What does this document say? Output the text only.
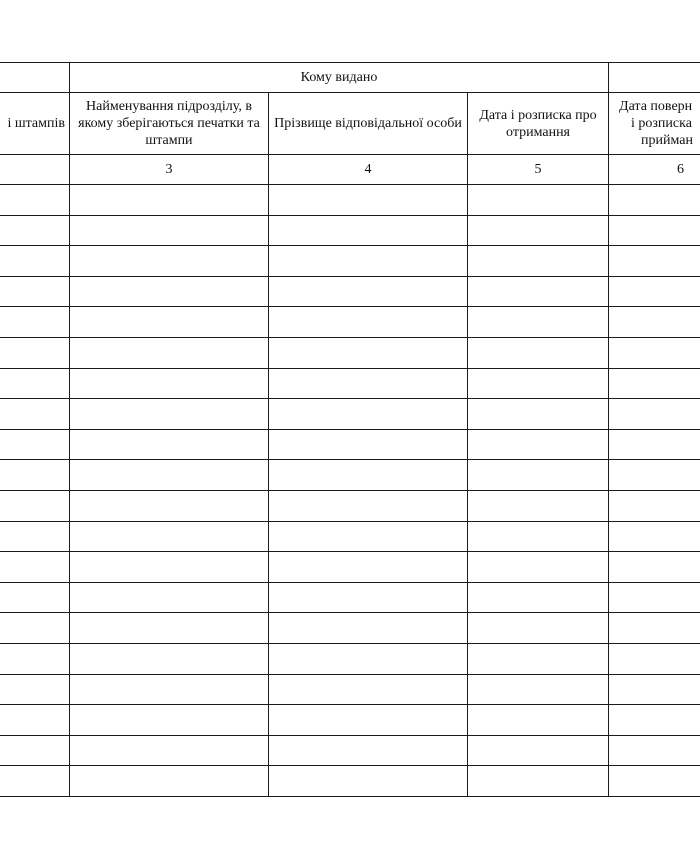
	Кому видано			

і штампів	Найменування підрозділу, в якому зберігаються печатки та штампи	Прізвище відповідальної особи	Дата і розписка про отримання	Дата поверн
і розписка
прийман

	3	4	5	6
